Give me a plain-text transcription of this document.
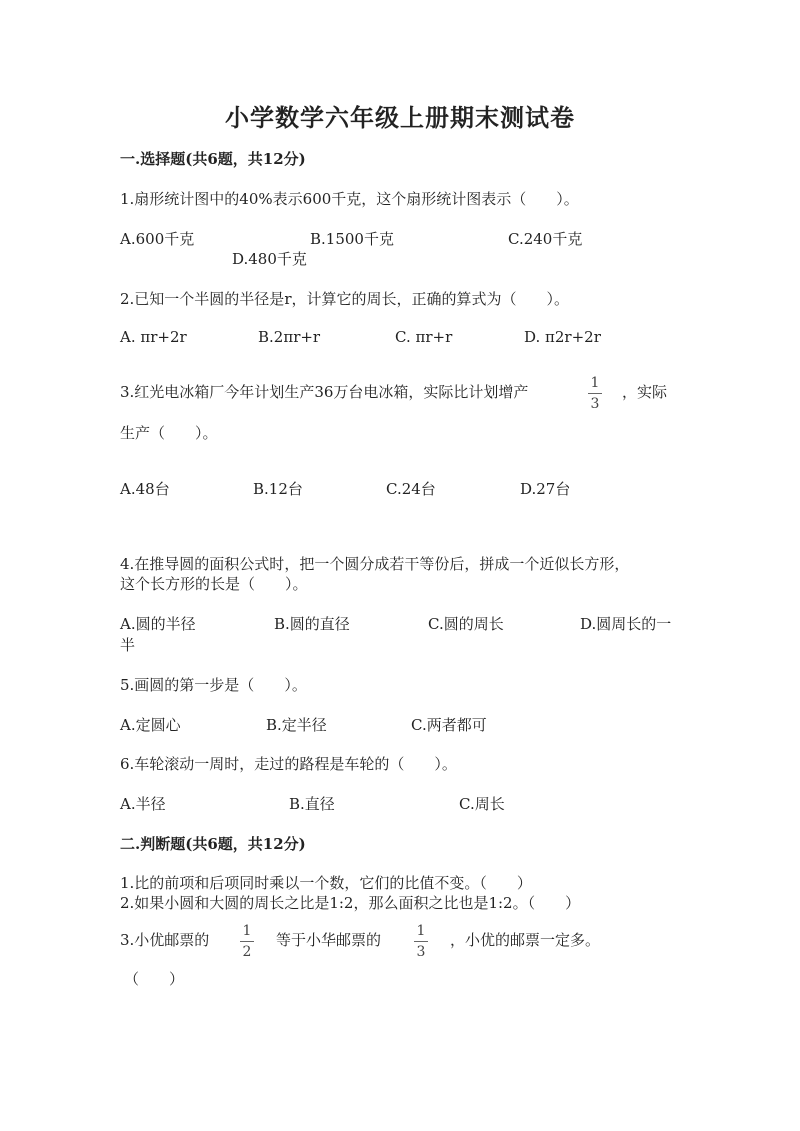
小学数学六年级上册期末测试卷
一.选择题(共6题，共12分)
1.扇形统计图中的40%表示600千克，这个扇形统计图表示（　　）。
A.600千克	B.1500千克	C.240千克
D.480千克
2.已知一个半圆的半径是r，计算它的周长，正确的算式为（　　）。
A. πr+2r	B.2πr+r	C. πr+r	D. π2r+2r
3.红光电冰箱厂今年计划生产36万台电冰箱，实际比计划增产	1
3
，实际
生产（　　）。
A.48台	B.12台	C.24台	D.27台
4.在推导圆的面积公式时，把一个圆分成若干等份后，拼成一个近似长方形，
这个长方形的长是（　　）。
A.圆的半径	B.圆的直径	C.圆的周长	D.圆周长的一
半
5.画圆的第一步是（　　）。
A.定圆心	B.定半径	C.两者都可
6.车轮滚动一周时，走过的路程是车轮的（　　）。
A.半径	B.直径	C.周长
二.判断题(共6题，共12分)
1.比的前项和后项同时乘以一个数，它们的比值不变。（　　）
2.如果小圆和大圆的周长之比是1:2，那么面积之比也是1:2。（　　）
3.小优邮票的	1
2
等于小华邮票的	1
3
，小优的邮票一定多。
（　　）
